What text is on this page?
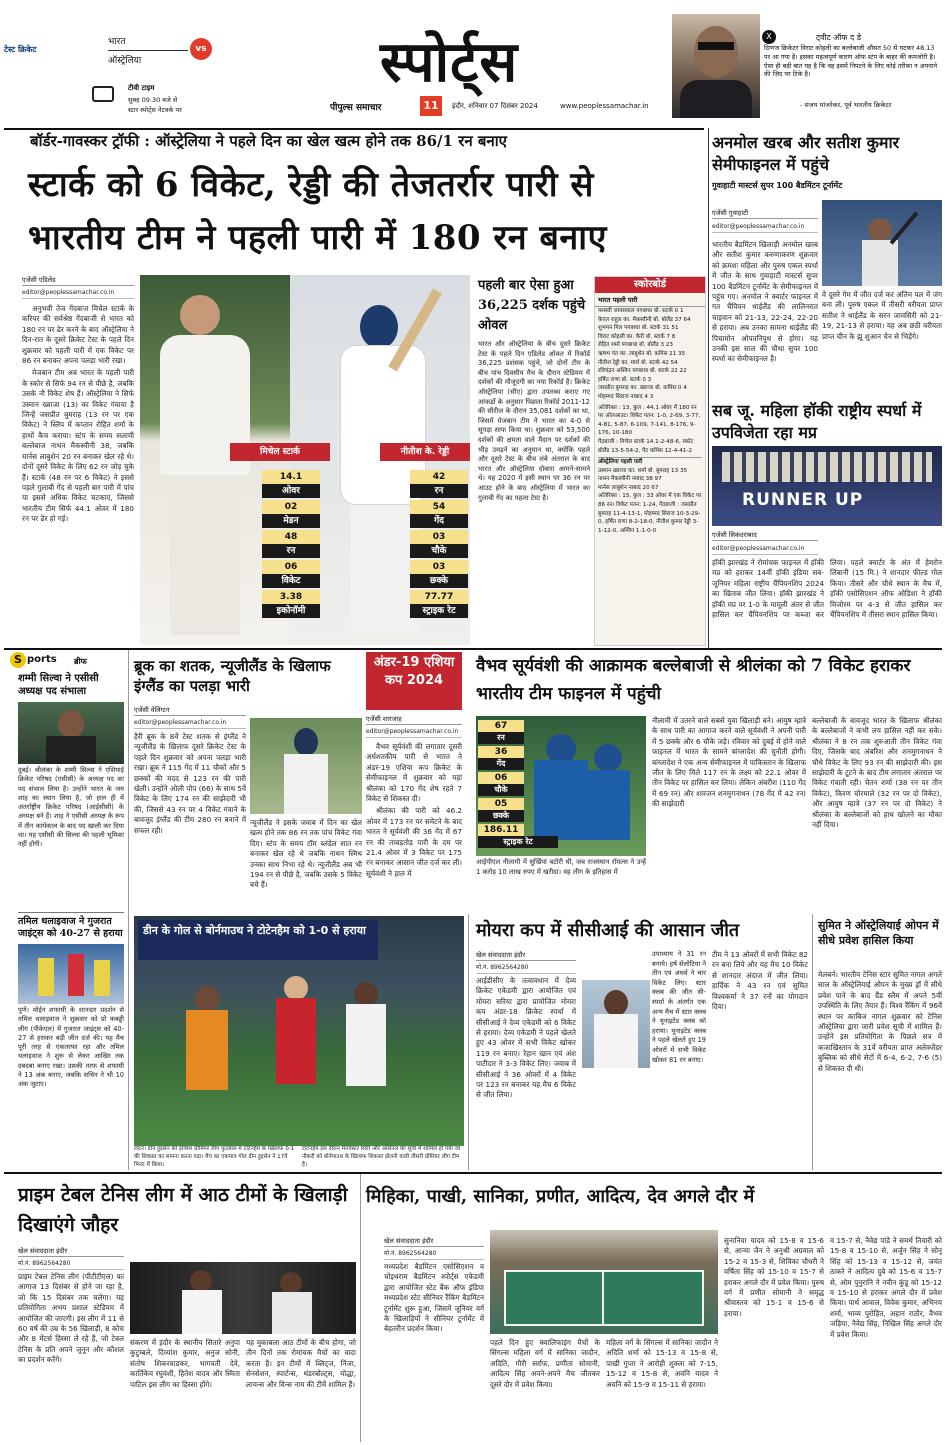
टेस्ट क्रिकेट
भारत
ऑस्ट्रेलिया
vs
टीवी टाइम
सुबह 09.30 बजे से
स्टार स्पोर्ट्स नेटवर्क पर
स्पोर्ट्स
पीपुल्स समाचार	11	इंदौर, शनिवार 07 दिसंबर 2024	www.peoplessamachar.in
X	ट्वीट ऑफ द डे
दिग्गज क्रिकेटर विराट कोहली का बल्लेबाजी औसत 50 से घटकर 48.13 पर आ गया है। इसका महत्वपूर्ण कारण ऑफ स्टंप के बाहर की कमजोरी है। ऐसा ही बड़ी बात यह है कि वह इसमें निपटने के लिए कोई तरीका न अपनाने की ज़िद पर टिके है।
- संजय मांजरेकर, पूर्व भारतीय क्रिकेटर
बॉर्डर-गावस्कर ट्रॉफी : ऑस्ट्रेलिया ने पहले दिन का खेल खत्म होने तक 86/1 रन बनाए
स्टार्क को 6 विकेट, रेड्डी की तेजतर्रार पारी से
भारतीय टीम ने पहली पारी में 180 रन बनाए
एजेंसी एडिलेड
editor@peoplessamachar.co.in

अनुभवी तेज गेंदबाज मिचेल स्टार्क के करियर की सर्वश्रेष्ठ गेंदबाजी से भारत को 180 रन पर ढेर करने के बाद ऑस्ट्रेलिया ने दिन-रात के दूसरे क्रिकेट टेस्ट के पहले दिन शुक्रवार को पहली पारी में एक विकेट पर 86 रन बनाकर अपना पलड़ा भारी रखा।

मेजबान टीम अब भारत के पहली पारी के स्कोर से सिर्फ 94 रन से पीछे है, जबकि उसके नौ विकेट शेष हैं। ऑस्ट्रेलिया ने सिर्फ उस्मान ख्वाजा (13) का विकेट गंवाया है जिन्हें जसप्रीत बुमराह (13 रन पर एक विकेट) ने स्लिप में कप्तान रोहित शर्मा के हाथों कैच कराया। स्टंप के समय सलामी बल्लेबाज नाथन मैकस्वीनी 38, जबकि मार्नस लाबुशेन 20 रन बनाकर खेल रहे थे। दोनों दूसरे विकेट के लिए 62 रन जोड़ चुके हैं। स्टार्क (48 रन पर 6 विकेट) ने इससे पहले गुलाबी गेंद से पहली बार पारी में पांच या इससे अधिक विकेट चटकाए, जिससे भारतीय टीम सिर्फ 44.1 ओवर में 180 रन पर ढेर हो गई।

मिचेल स्टार्क	नीतीश के. रेड्डी
14.1
ओवर
02
मेडन
48
रन
06
विकेट
3.38
इकोनॉमी
42
रन
54
गेंद
03
चौके
03
छक्के
77.77
स्ट्राइक रेट
पहली बार ऐसा हुआ 36,225 दर्शक पहुंचे ओवल
भारत और ऑस्ट्रेलिया के बीच दूसरे क्रिकेट टेस्ट के पहले दिन एडिलेड ओवल में रिकॉर्ड 36,225 प्रशंसक पहुंचे, जो दोनों टीम के बीच पांच दिवसीय मैच के दौरान स्टेडियम में दर्शकों की मौजूदगी का नया रिकॉर्ड है। क्रिकेट ऑस्ट्रेलिया (सीए) द्वारा उपलब्ध कराए गए आंकड़ों के अनुसार पिछला रिकॉर्ड 2011-12 की सीरीज के दौरान 35,081 दर्शकों का था, जिसमें मेजबान टीम ने भारत का 4-0 से सूपड़ा साफ किया था। शुक्रवार को 53,500 दर्शकों की क्षमता वाले मैदान पर दर्शकों की भीड़ उमड़ने का अनुमान था, क्योंकि पहले और दूसरे टेस्ट के बीच लंबे अंतराल के बाद भारत और ऑस्ट्रेलिया दोबारा आमने-सामने थे। यह 2020 में इसी स्थान पर 36 रन पर आउट होने के बाद ऑस्ट्रेलिया में भारत का गुलाबी गेंद का पहला टेस्ट है।
स्कोरबोर्ड
भारत पहली पारी
यशस्वी जायसवाल पगबाधा बो. स्टार्क 0 1
केएल राहुल का. मैकस्वीनी बो. बोलैंड 37 64
शुभमन गिल पगबाधा बो. स्टार्क 31 51
विराट कोहली का. कैरी बो. स्टार्क 7 8
रोहित शर्मा पगबाधा बो. बोलैंड 3 23
ऋषभ पंत का. लाबुशेन बो. कमिंस 21 35
नीतीश रेड्डी का. मार्श बो. स्टार्क 42 54
रविचंद्रन अश्विन पगबाधा बो. स्टार्क 22 22
हर्षित राणा बो. स्टार्क 0 3
जसप्रीत बुमराह का. ख्वाजा बो. कमिंस 0 4
मोहम्मद सिराज नाबाद 4 3
अतिरिक्त : 13, कुल : 44.1 ओवर में 180 रन पर ऑलआउट। विकेट पतन: 1-0, 2-69, 3-77, 4-81, 5-87, 6-109, 7-141, 8-176, 9-176, 10-180
गेंदबाजी : मिचेल स्टार्क 14.1-2-48-6, स्कॉट बोलैंड 13-5-54-2, पैट कमिंस 12-4-41-2
ऑस्ट्रेलिया पहली पारी
उस्मान ख्वाजा का. शर्मा बो. बुमराह 13 35
नाथन मैकस्वीनी नाबाद 38 97
मार्नस लाबुशेन नाबाद 20 67
अतिरिक्त : 15, कुल : 33 ओवर में एक विकेट पर 86 रन। विकेट पतन: 1-24, गेंदबाजी : जसप्रीत बुमराह 11-4-13-1, मोहम्मद सिराज 10-3-29-0, हर्षित राणा 8-2-18-0, नीतीश कुमार रेड्डी 3-1-12-0, अश्विन 1-1-0-0
अनमोल खरब और सतीश कुमार सेमीफाइनल में पहुंचे
गुवाहाटी मास्टर्स सुपर 100 बैडमिंटन टूर्नामेंट
एजेंसी गुवाहाटी
editor@peoplessamachar.co.in
भारतीय बैडमिंटन खिलाड़ी अनमोल खरब और सतीश कुमार करुणाकरण शुक्रवार को क्रमशः महिला और पुरुष एकल स्पर्धा में जीत के साथ गुवाहाटी मास्टर्स सुपर 100 बैडमिंटन टूर्नामेंट के सेमीफाइनल में पहुंच गए। अनमोल ने क्वार्टर फाइनल में गत चैंपियन थाईलैंड की लालिनरात चाइवान को 21-13, 22-24, 22-20 से हराया। अब उनका सामना थाईलैंड की पिचामोन ओपतनिपुथ से होगा। यह उनकी इस साल की चौथा सुपर 100 स्पर्धा का सेमीफाइनल है।
वे दूसरे गेम में जीत दर्ज कर अंतिम पल में जंग बना ली। पुरुष एकल में तीसरी वरीयता प्राप्त सतीश ने थाईलैंड के सरन जामसिरी को 21-19, 21-13 से हराया। यह अब छठी वरीयता प्राप्त चीन के झू शुआन चेन से भिड़ेंगे।
सब जू. महिला हॉकी राष्ट्रीय स्पर्धा में उपविजेता रहा मप्र
RUNNER UP
एजेंसी सिकंदराबाद
editor@peoplessamachar.co.in
हॉकी झारखंड ने रोमांचक फाइनल में हॉकी मप्र को हराकर 14वीं हॉकी इंडिया सब-जूनियर महिला राष्ट्रीय चैंपियनशिप 2024 का खिताब जीत लिया। हॉकी झारखंड ने हॉकी मप्र पर 1-0 के मामूली अंतर से जीत हासिल कर चैंपियनशिप पर कब्जा कर लिया। पहले क्वार्टर के अंत में हेमरोन लिंबानी (15 मि.) ने शानदार फील्ड गोल किया। तीसरे और चौथे स्थान के मैच में, हॉकी एसोसिएशन ऑफ ओडिशा ने हॉकी मिजोरम पर 4-3 से जीत हासिल कर चैंपियनशिप में तीसरा स्थान हासिल किया।
S ports ब्रीफ
शम्मी सिल्वा ने एसीसी अध्यक्ष पद संभाला
दुबई। श्रीलंका के शम्मी सिल्वा ने एशियाई क्रिकेट परिषद (एसीसी) के अध्यक्ष पद का पद संभाल लिया है। उन्होंने भारत के जय शाह का स्थान लिया है, जो हाल ही में अंतर्राष्ट्रीय क्रिकेट परिषद (आईसीसी) के अध्यक्ष बने हैं। शाह ने एसीसी अध्यक्ष के रूप में तीन कार्यकाल के बाद पद खाली कर दिया था। यह एसीसी की सिल्वा की पहली भूमिका नहीं होगी।
तमिल थलाइवाज ने गुजरात जाइंट्स को 40-27 से हराया
पुणे। मोईन शफाघी के शानदार प्रदर्शन से तमिल थलाइवाज ने शुक्रवार को प्रो कबड्डी लीग (पीकेएल) में गुजरात जाइंट्स को 40-27 से हराकर बड़ी जीत दर्ज की। यह मैच पूरी तरह से एकतरफा रहा और तमिल थलाइवाज ने शुरू से लेकर आखिर तक दबदबा बनाए रखा। उसकी तरफ से शफाघी ने 13 अंक बनाए, जबकि सचिन ने भी 10 अंक जुटाए।
ब्रूक का शतक, न्यूजीलैंड के खिलाफ इंग्लैंड का पलड़ा भारी
एजेंसी वेलिंग्टन
editor@peoplessamachar.co.in
हैरी ब्रूक के 8वें टेस्ट शतक से इंग्लैंड ने न्यूजीलैंड के खिलाफ दूसरे क्रिकेट टेस्ट के पहले दिन शुक्रवार को अपना पलड़ा भारी रखा। ब्रूक ने 115 गेंद में 11 चौकों और 5 छक्कों की मदद से 123 रन की पारी खेली। उन्होंने ओली पोप (66) के साथ 5वें विकेट के लिए 174 रन की साझेदारी भी की, जिससे 43 रन पर 4 विकेट गंवाने के बावजूद इंग्लैंड की टीम 280 रन बनाने में सफल रही।
न्यूजीलैंड ने इसके जवाब में दिन का खेल खत्म होने तक 86 रन तक पांच विकेट गंवा दिए। स्टंप के समय टॉम ब्लंडेल सात रन बनाकर खेल रहे थे जबकि नाथन स्मिथ उनका साथ निभा रहे थे। न्यूजीलैंड अब भी 194 रन से पीछे है, जबकि उसके 5 विकेट बचे हैं।
अंडर-19 एशिया कप 2024
एजेंसी शारजाह
editor@peoplessamachar.co.in

वैभव सूर्यवंशी की लगातार दूसरी अर्धशतकीय पारी से भारत ने अंडर-19 एशिया कप क्रिकेट के सेमीफाइनल में शुक्रवार को यहां श्रीलंका को 170 गेंद शेष रहते 7 विकेट से शिकस्त दी।

श्रीलंका की पारी को 46.2 ओवर में 173 रन पर समेटने के बाद भारत ने सूर्यवंशी की 36 गेंद में 67 रन की ताबड़तोड़ पारी के दम पर 21.4 ओवर में 3 विकेट पर 175 रन बनाकर आसान जीत दर्ज कर ली। सूर्यवंशी ने हाल में

वैभव सूर्यवंशी की आक्रामक बल्लेबाजी से श्रीलंका को 7 विकेट हराकर भारतीय टीम फाइनल में पहुंची
67
रन
36
गेंद
06
चौके
05
छक्के
186.11
स्ट्राइक रेट
आईपीएल नीलामी में सुर्खियां बटोरी थी, जब राजस्थान रॉयल्स ने उन्हें 1 करोड़ 10 लाख रुपए में खरीदा। वह लीग के इतिहास में
नीलामी में उतरने वाले सबसे युवा खिलाड़ी बने। आयुष म्हात्रे के साथ पारी का आगाज करने वाले सूर्यवंशी ने अपनी पारी में 5 छक्के और 6 चौके जड़े। रविवार को दुबई में होने वाले फाइनल में भारत के सामने बांग्लादेश की चुनौती होगी। बांग्लादेश ने एक अन्य सेमीफाइनल में पाकिस्तान के खिलाफ जीत के लिए मिले 117 रन के लक्ष्य को 22.1 ओवर में तीन विकेट पर हासिल कर लिया। लेकिन अंबरीश (110 गेंद में 69 रन) और शारजन शनमुगनाथन (78 गेंद में 42 रन) की साझेदारी
बल्लेबाजी के बावजूद भारत के खिलाफ श्रीलंका के बल्लेबाजों ने कभी लय हासिल नहीं कर सके। श्रीलंका ने 8 रन तक शुरुआती तीन विकेट गंवा दिए, जिसके बाद अंबरिश और शनमुगनाथन ने चौथे विकेट के लिए 93 रन की साझेदारी की। इस साझेदारी के टूटने के बाद टीम लगातार अंतराल पर विकेट गंवाती रही। चेतन शर्मा (38 रन पर तीन विकेट), किरण चोरमाले (32 रन पर दो विकेट), और आयुष म्हात्रे (37 रन पर दो विकेट) ने श्रीलंका के बल्लेबाजों को हाथ खोलने का मौका नहीं दिया।
डीन के गोल से बोर्नमाउथ ने टोटेनहैम को 1-0 से हराया
लंदन। डीन हुइसेन की इंग्लिश प्रीमियर लीग फुटबॉल में टोटेनहैम के खिलाफ 0-1 की शिकस्त का सामना करना पड़ा। मैच का एकमात्र गोल डीन हुइसेन ने 17वें मिनट में किया।
टोटेनहैम इस दौरान मैनचेस्टर सिटी और आर्सनल की सूची में शामिल हो गया जो नौकरी को बोर्नमाउथ के खिलाफ शिकस्त झेलनी वाली तीसरी प्रीमियर लीग टीम है।
मोयरा कप में सीसीआई की आसान जीत
खेल संवाददाता इंदौर
मो.नं. 8962564280
आईडीसीए के तत्वावधान में देव्य क्रिकेट एकेडमी द्वारा आयोजित एवं मोयरा सरिया द्वारा प्रायोजित मोयरा कप अंडर-18 क्रिकेट स्पर्धा में सीसीआई ने देव्य एकेडमी को 6 विकेट से हराया। देव्य एकेडमी ने पहले खेलते हुए 43 ओवर में सभी विकेट खोकर 119 रन बनाए। रेहान खान एवं अंश पाटीदार ने 3-3 विकेट लिए। जवाब में सीसीआई ने 36 ओवरों में 4 विकेट पर 123 रन बनाकर यह मैच 6 विकेट से जीत लिया।
उपाध्याय ने 31 रन बनाये। हर्ष सेलोटिया ने तीन एवं अथर्व ने चार विकेट लिए। स्टार क्लब की जीत सी-स्पर्धा के अंतर्गत एक अन्य मैच में स्टार क्लब ने यूनाइटेड क्लब को हराया। यूनाइटेड क्लब ने पहले खेलते हुए 19 ओवरों में सभी विकेट खोकर 81 रन बनाए।
टीम ने 13 ओवरों में सभी विकेट 82 रन बना लिये और यह मैच 10 विकेट से शानदार अंदाज में जीत लिया। हार्दिक ने 43 रन एवं सुमित विश्वकर्मा ने 37 रनों का योगदान दिया।
सुमित ने ऑस्ट्रेलियाई ओपन में सीधे प्रवेश हासिल किया
मेलबर्न। भारतीय टेनिस स्टार सुमित नागल अगले साल के ऑस्ट्रेलियाई ओपन के मुख्य ड्रॉ में सीधे प्रवेश पाने के बाद ग्रैंड स्लैम में अपने 5वीं उपस्थिति के लिए तैयार हैं। विश्व रैंकिंग में 96वें स्थान पर काबिज नागल शुक्रवार को टेनिस ऑस्ट्रेलिया द्वारा जारी प्रवेश सूची में शामिल हैं। उन्होंने इस प्रतियोगिता के पिछले सत्र में कजाखिस्तान के 31वें वरीयता प्राप्त अलेक्जेंडर बुब्लिक को सीधे सेटों में 6-4, 6-2, 7-6 (5) से शिकस्त दी थी।
प्राइम टेबल टेनिस लीग में आठ टीमों के खिलाड़ी दिखाएंगे जौहर
खेल संवाददाता इंदौर
मो.नं. 8962564280
प्राइम टेबल टेनिस लीग (पीटीटीएल) का आगाज 13 दिसंबर से होने जा रहा है, जो कि 15 दिसंबर तक चलेगा। यह प्रतियोगिता अभय प्रशाल स्टेडियम में आयोजित की जाएगी। इस लीग में 11 से 60 वर्ष की उम्र के 56 खिलाड़ी, 8 कोच और 8 मेंटर्स हिस्सा ले रहे हैं, जो टेबल टेनिस के प्रति अपने जुनून और कौशल का प्रदर्शन करेंगे।
संकरण में इंदौर के स्थानीय सितारे अनुपा कुटुम्बले, दिव्यांश कुमार, अनुज सोनी, संतोष शिकरवाडकर, भागवती देवे, कार्तिकेय रघुवंशी, हितेश यादव और स्मिता पाटिल इस लीग का हिस्सा होंगे।
यह मुकाबला आठ टीमों के बीच होगा, जो तीन दिनों तक रोमांचक मैचों का वादा करता है। इन टीमों में ब्लिट्ज, निंजा, सेनसेशन, स्पार्टन्स, थंडरबोल्ट्स, योद्धा, लायन्स और विन्स नाम की टीमें शामिल हैं।
मिहिका, पाखी, सानिका, प्रणीत, आदित्य, देव अगले दौर में
खेल संवाददाता इंदौर
मो.नं. 8962564280
मध्यप्रदेश बैडमिंटन एसोसिएशन व चोइथराम बैडमिंटन स्पोर्ट्स एकेडमी द्वारा आयोजित स्टेट बैंक ऑफ इंडिया मध्यप्रदेश स्टेट सीनियर रैंकिंग बैडमिंटन टूर्नामेंट शुरू हुआ, जिसमें जूनियर वर्ग के खिलाड़ियों ने सीनियर टूर्नामेंट में बेहतरीन प्रदर्शन किया।
पहले दिन हुए क्वालिफाइंग मैचों के सिंगल्स महिला वर्ग में सानिका जादौन, अदिति, गौरी सर्राफ, प्रणीता सोमानी, आदित्य सिंह अपने-अपने मैच जीतकर दूसरे दौर में प्रवेश किया।
महिला वर्ग के सिंगल्स में सानिका जादौन ने अदिति शर्मा को 15-13 व 15-8 से, पाखी गुप्ता ने आरोही शुक्ला को 7-15, 15-12 व 15-8 से, अवनि यादव ने अवनि को 15-9 व 15-11 से हराया।
सुनानिया यादव को 15-8 व 15-6 से, आन्या जैन ने अनुश्री अग्रवाल को 15-2 व 15-3 से, शिविका चौधरी ने वर्षिता सिंह को 15-10 व 15-7 से हराकर अगले दौर में प्रवेश किया। पुरुष वर्ग में प्रणीत सोमानी ने समृद्ध श्रीवास्तव को 15-1 व 15-6 से हराया।
व 15-7 से, नैवेद्य पांडे ने समर्थ तिवारी को 15-8 व 15-10 से, अर्जुन सिंह ने सोनू सिंह को 15-13 व 15-12 से, जयंत ठाकरे ने आदित्य दुबे को 15-6 व 15-7 से, ओम पुनुरानि ने नवीन कुंडू को 15-12 व 15-10 से हराकर अगले दौर में प्रवेश किया। पार्थ आवाल, विवेक कुमार, अभिनय शर्मा, भाव्य पुरोहित, अहान राठौर, वैभव जड़िया, नैवेद्य सिंह, निखिल सिंह अगले दौर में प्रवेश किया।
